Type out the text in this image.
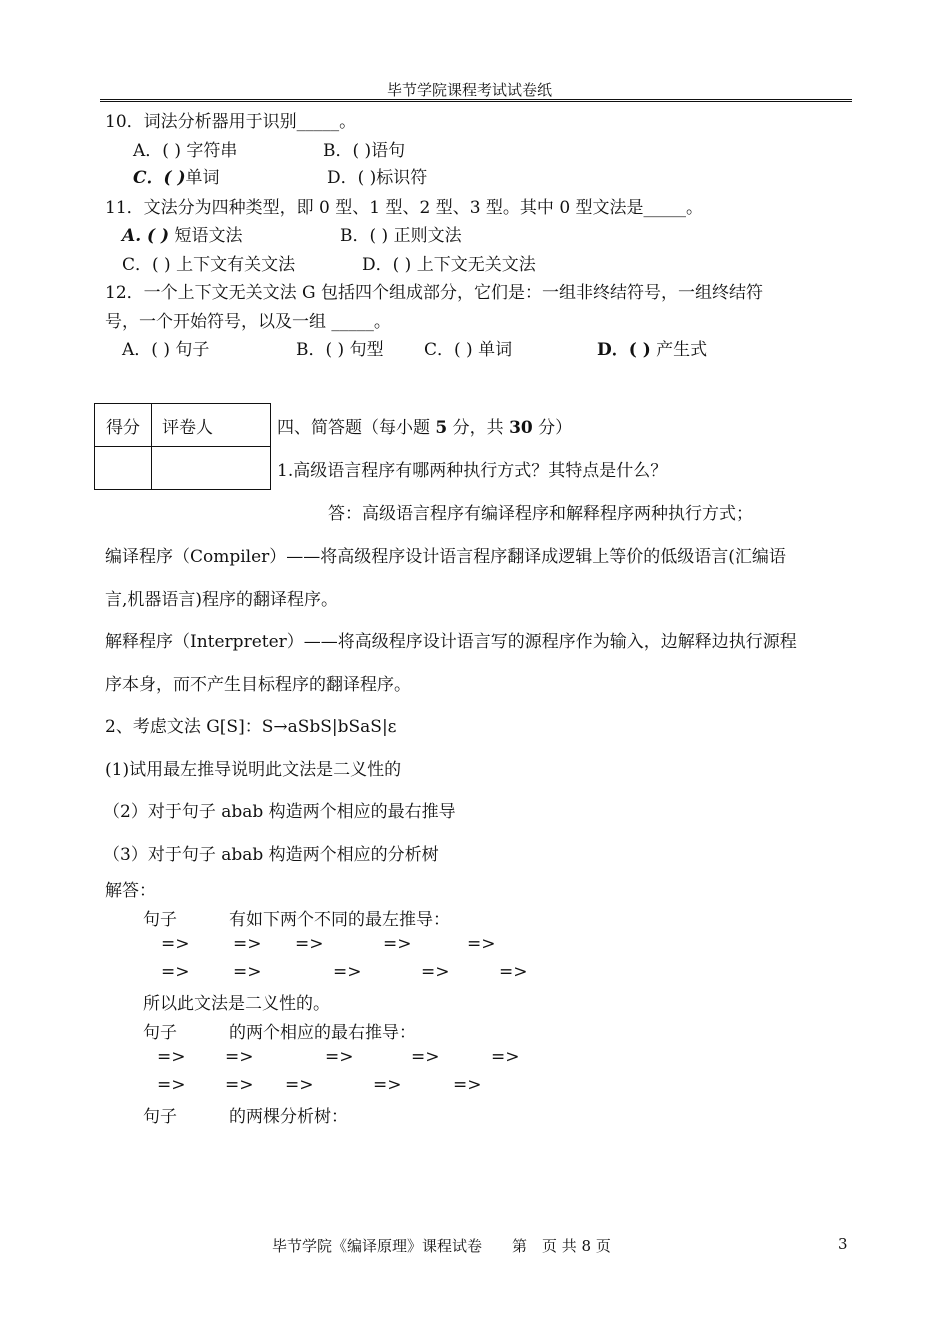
毕节学院课程考试试卷纸
10．词法分析器用于识别_____。
A．( ) 字符串	B．( )语句
C．( )单词	D．( )标识符
11．文法分为四种类型，即 0 型、1 型、2 型、3 型。其中 0 型文法是_____。
A. ( ) 短语文法	B．( ) 正则文法
C．( ) 上下文有关文法	D．( ) 上下文无关文法
12．一个上下文无关文法 G 包括四个组成部分，它们是：一组非终结符号，一组终结符
号，一个开始符号，以及一组 _____。
A．( ) 句子	B．( ) 句型 C．( ) 单词	D．( ) 产生式
得分	评卷人
		四、简答题（每小题 5 分，共 30 分）
1.高级语言程序有哪两种执行方式？其特点是什么？
答：高级语言程序有编译程序和解释程序两种执行方式；
编译程序（Compiler）——将高级程序设计语言程序翻译成逻辑上等价的低级语言(汇编语
言,机器语言)程序的翻译程序。
解释程序（Interpreter）——将高级程序设计语言写的源程序作为输入，边解释边执行源程
序本身，而不产生目标程序的翻译程序。
2、考虑文法 G[S]：S→aSbS|bSaS|ε
(1)试用最左推导说明此文法是二义性的
（2）对于句子 abab 构造两个相应的最右推导
（3）对于句子 abab 构造两个相应的分析树
解答：
句子	有如下两个不同的最左推导：
=>	=> =>	=>	=>
=>	=>	=>	=>	=>
所以此文法是二义性的。
句子	的两个相应的最右推导：
=> =>	=>	=>	=>
=> => =>	=>	=>
句子	的两棵分析树：
毕节学院《编译原理》课程试卷　　第　页 共 8 页	3
